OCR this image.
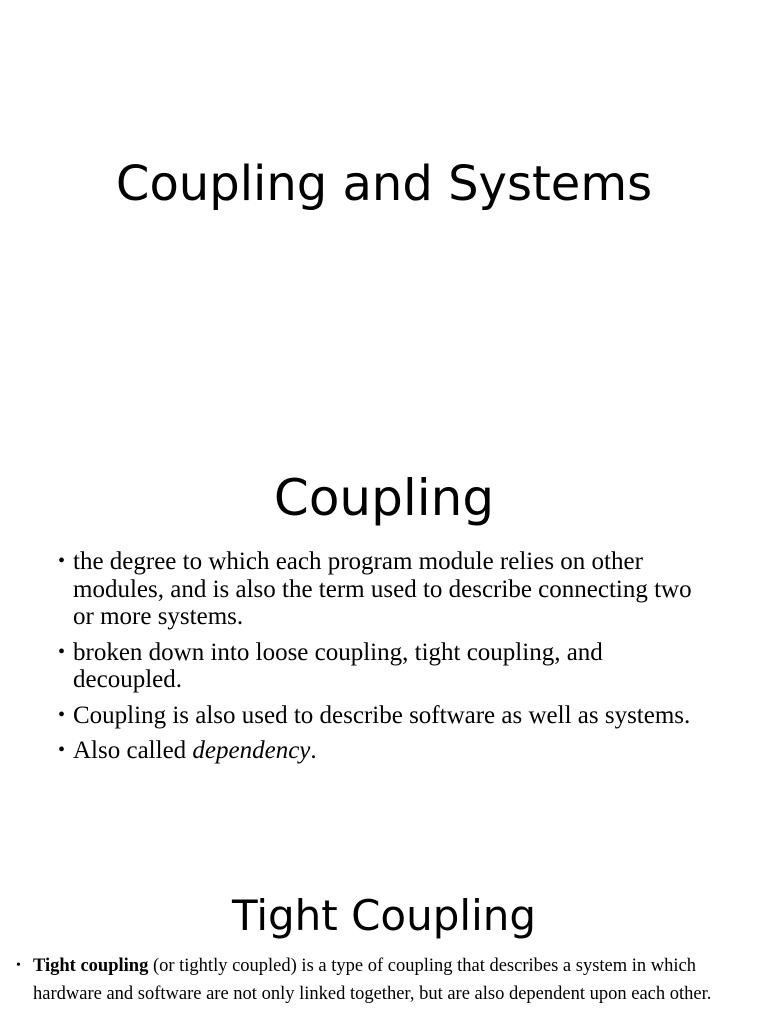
Coupling and Systems
Coupling
• the degree to which each program module relies on other modules, and is also the term used to describe connecting two or more systems.
• broken down into loose coupling, tight coupling, and decoupled.
• Coupling is also used to describe software as well as systems.
• Also called dependency.
Tight Coupling
• Tight coupling (or tightly coupled) is a type of coupling that describes a system in which hardware and software are not only linked together, but are also dependent upon each other.
